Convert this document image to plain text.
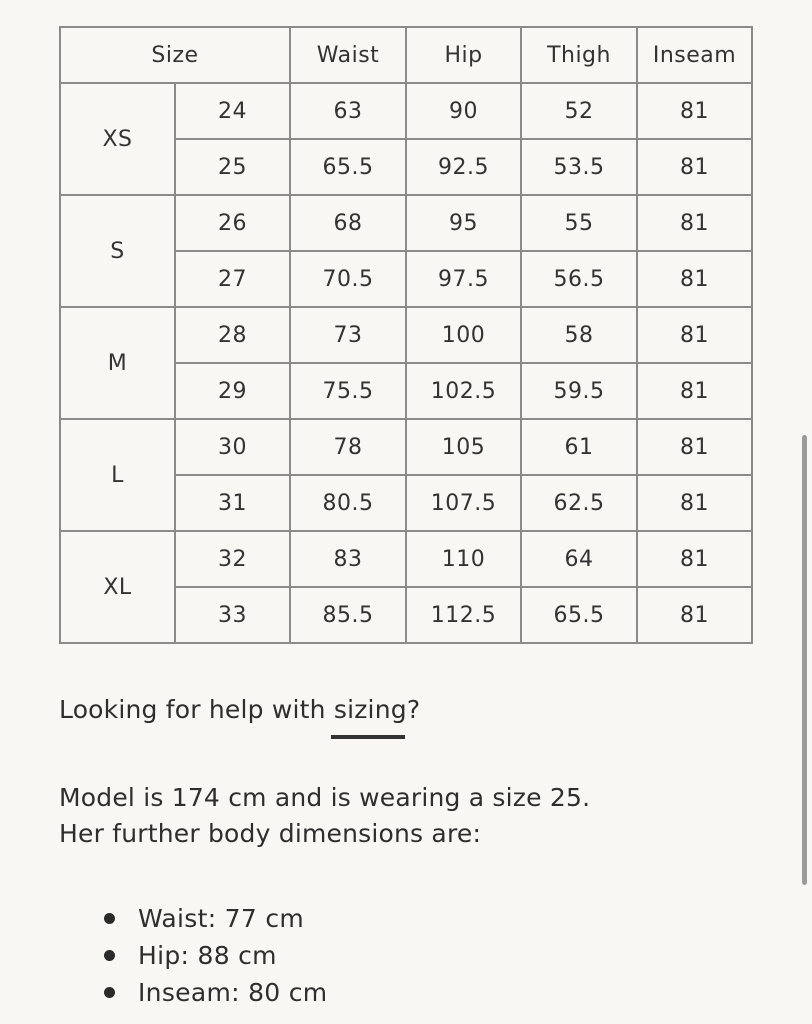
Size		Waist	Hip	Thigh	Inseam
XS	24	63	90	52	81
	25	65.5	92.5	53.5	81
S	26	68	95	55	81
	27	70.5	97.5	56.5	81
M	28	73	100	58	81
	29	75.5	102.5	59.5	81
L	30	78	105	61	81
	31	80.5	107.5	62.5	81
XL	32	83	110	64	81
	33	85.5	112.5	65.5	81
Looking for help with sizing?
Model is 174 cm and is wearing a size 25.
Her further body dimensions are:
Waist: 77 cm
Hip: 88 cm
Inseam: 80 cm
